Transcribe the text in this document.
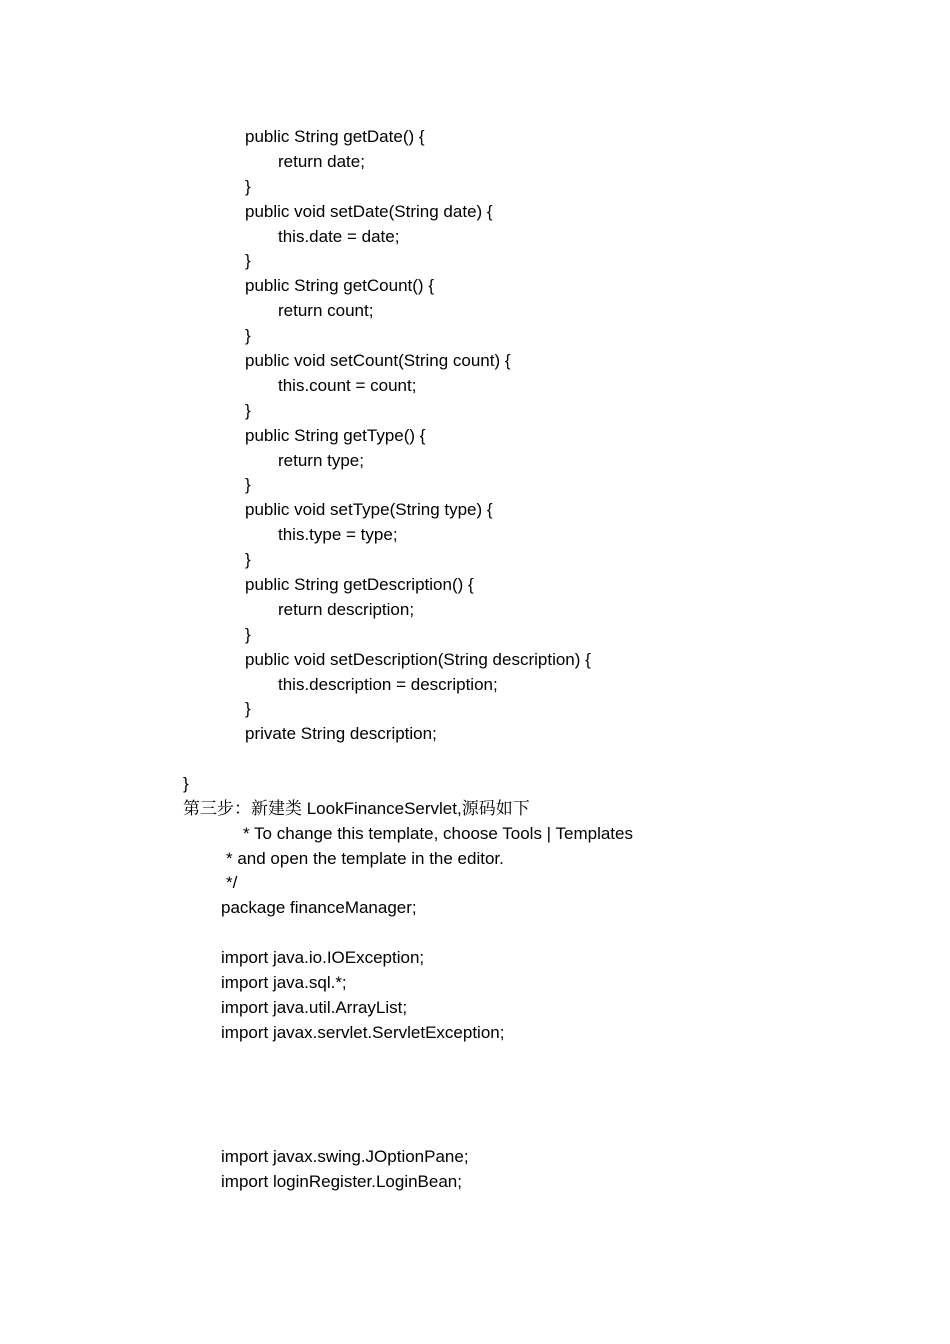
public String getDate() {
return date;
}
public void setDate(String date) {
this.date = date;
}
public String getCount() {
return count;
}
public void setCount(String count) {
this.count = count;
}
public String getType() {
return type;
}
public void setType(String type) {
this.type = type;
}
public String getDescription() {
return description;
}
public void setDescription(String description) {
this.description = description;
}
private String description;
}
第三步：新建类 LookFinanceServlet,源码如下
* To change this template, choose Tools | Templates
* and open the template in the editor.
*/
package financeManager;
import java.io.IOException;
import java.sql.*;
import java.util.ArrayList;
import javax.servlet.ServletException;
import javax.swing.JOptionPane;
import loginRegister.LoginBean;
